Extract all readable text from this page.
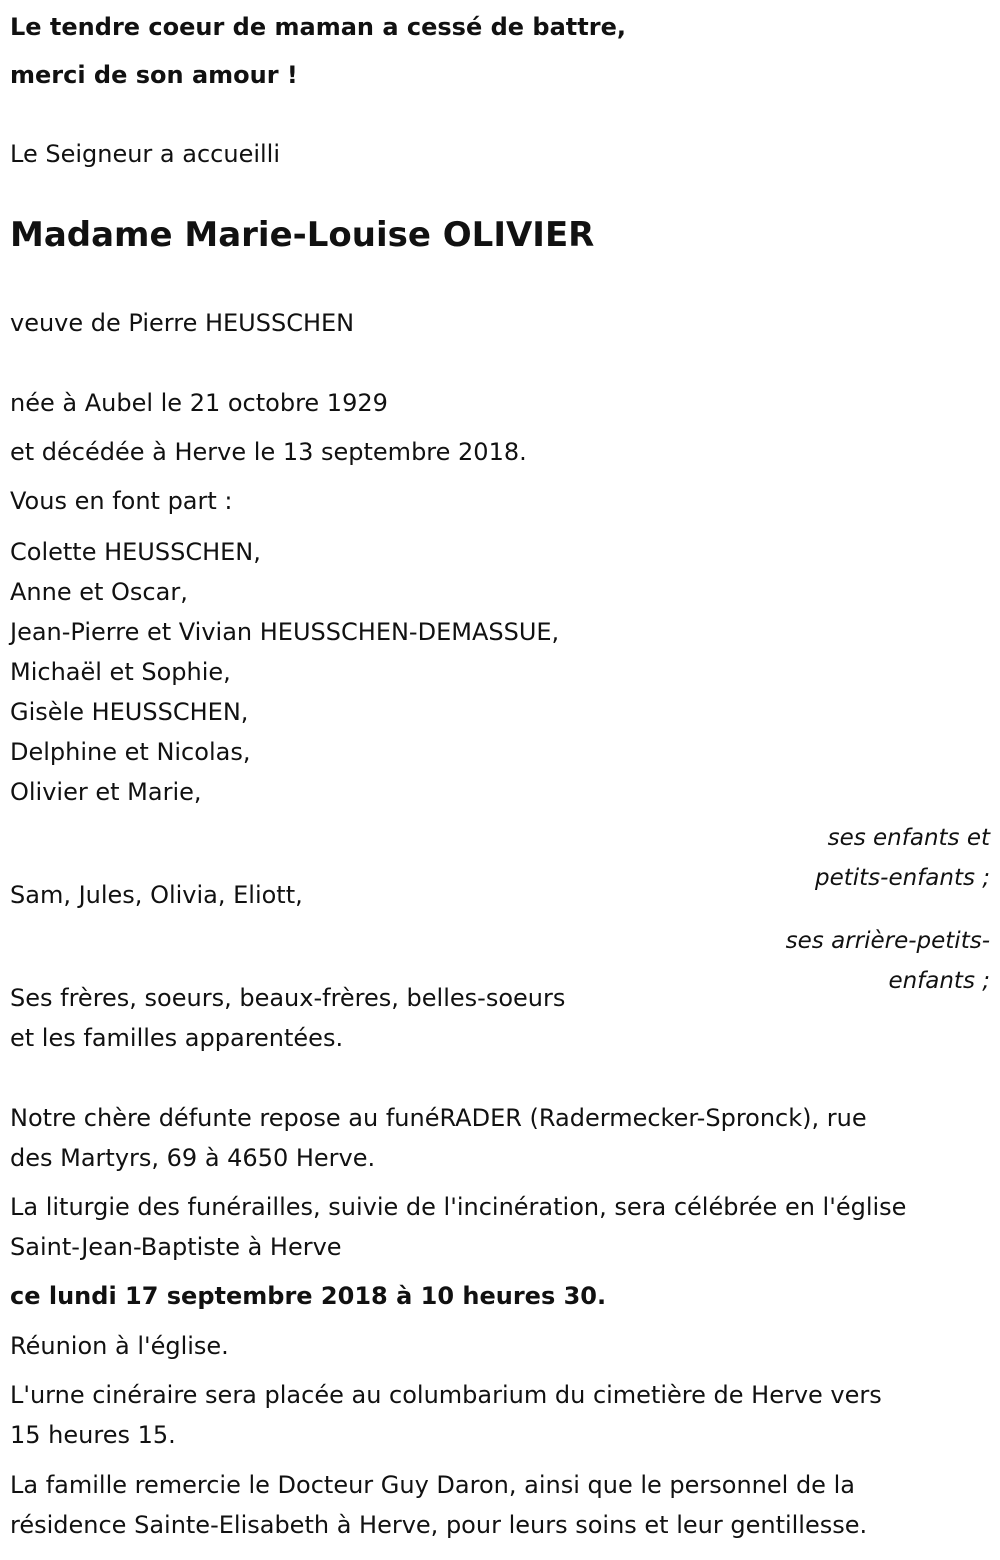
Le tendre coeur de maman a cessé de battre,

merci de son amour !

Le Seigneur a accueilli

Madame Marie-Louise OLIVIER

veuve de Pierre HEUSSCHEN

née à Aubel le 21 octobre 1929

et décédée à Herve le 13 septembre 2018.

Vous en font part :

Colette HEUSSCHEN,

Anne et Oscar,

Jean-Pierre et Vivian HEUSSCHEN-DEMASSUE,

Michaël et Sophie,

Gisèle HEUSSCHEN,

Delphine et Nicolas,

Olivier et Marie,

ses enfants et

petits-enfants ;

Sam, Jules, Olivia, Eliott,

ses arrière-petits-

enfants ;

Ses frères, soeurs, beaux-frères, belles-soeurs

et les familles apparentées.

Notre chère défunte repose au funéRADER (Radermecker-Spronck), rue

des Martyrs, 69 à 4650 Herve.

La liturgie des funérailles, suivie de l'incinération, sera célébrée en l'église

Saint-Jean-Baptiste à Herve

ce lundi 17 septembre 2018 à 10 heures 30.

Réunion à l'église.

L'urne cinéraire sera placée au columbarium du cimetière de Herve vers

15 heures 15.

La famille remercie le Docteur Guy Daron, ainsi que le personnel de la

résidence Sainte-Elisabeth à Herve, pour leurs soins et leur gentillesse.
